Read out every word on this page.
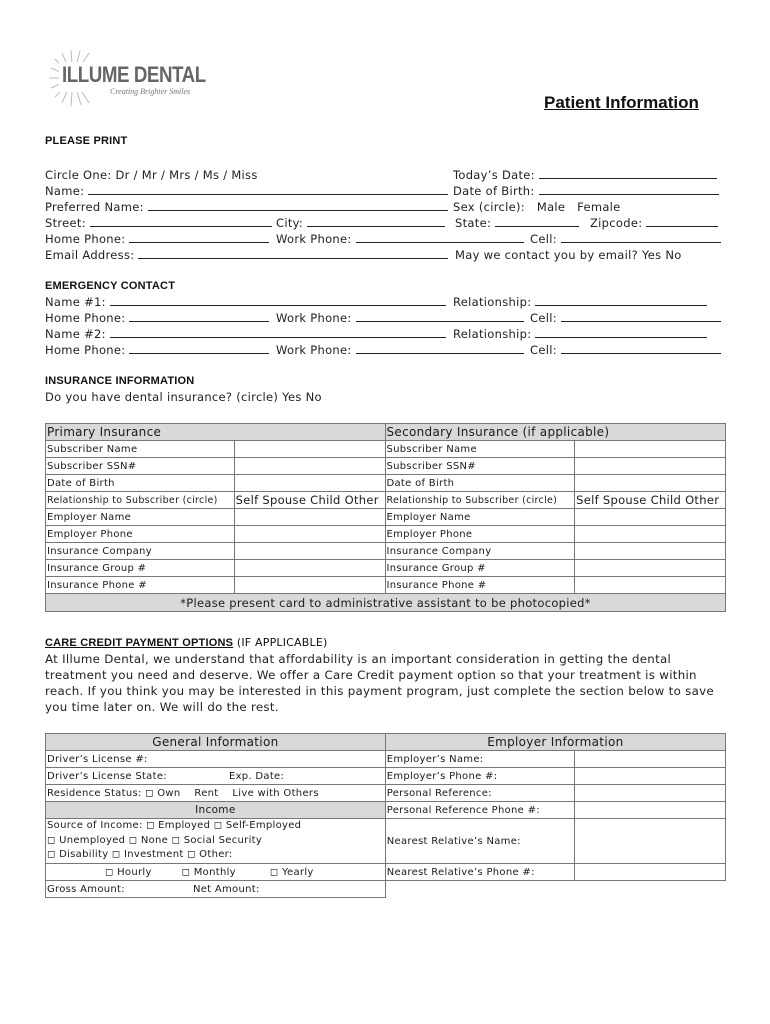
ILLUME DENTAL
Creating Brighter Smiles
Patient Information
PLEASE PRINT
Circle One: Dr / Mr / Mrs / Ms / Miss	Today’s Date:
Name:	Date of Birth:
Preferred Name:	Sex (circle): Male Female
Street:	City:	State:	Zipcode:
Home Phone:	Work Phone:	Cell:
Email Address:	May we contact you by email? Yes No
EMERGENCY CONTACT
Name #1:	Relationship:
Home Phone:	Work Phone:	Cell:
Name #2:	Relationship:
Home Phone:	Work Phone:	Cell:
INSURANCE INFORMATION
Do you have dental insurance? (circle) Yes No
Primary Insurance		Secondary Insurance (if applicable)	
Subscriber Name		Subscriber Name	
Subscriber SSN#		Subscriber SSN#	
Date of Birth		Date of Birth	
Relationship to Subscriber (circle)	Self Spouse Child Other	Relationship to Subscriber (circle)	Self Spouse Child Other
Employer Name		Employer Name	
Employer Phone		Employer Phone	
Insurance Company		Insurance Company	
Insurance Group #		Insurance Group #	
Insurance Phone #		Insurance Phone #	
*Please present card to administrative assistant to be photocopied*			
CARE CREDIT PAYMENT OPTIONS (IF APPLICABLE)
At Illume Dental, we understand that affordability is an important consideration in getting the dental treatment you need and deserve. We offer a Care Credit payment option so that your treatment is within reach. If you think you may be interested in this payment program, just complete the section below to save you time later on. We will do the rest.
General Information	Employer Information	
Driver’s License #:	Employer’s Name:	
Driver’s License State: Exp. Date:	Employer’s Phone #:	
Residence Status: ◻ Own    Rent    Live with Others	Personal Reference:	
Income	Personal Reference Phone #:	

Source of Income: ◻ Employed ◻ Self-Employed
◻ Unemployed ◻ None ◻ Social Security
◻ Disability ◻ Investment ◻ Other:	Nearest Relative’s Name:	
◻ Hourly ◻ Monthly ◻ Yearly	Nearest Relative’s Phone #:	
Gross Amount: Net Amount:		
